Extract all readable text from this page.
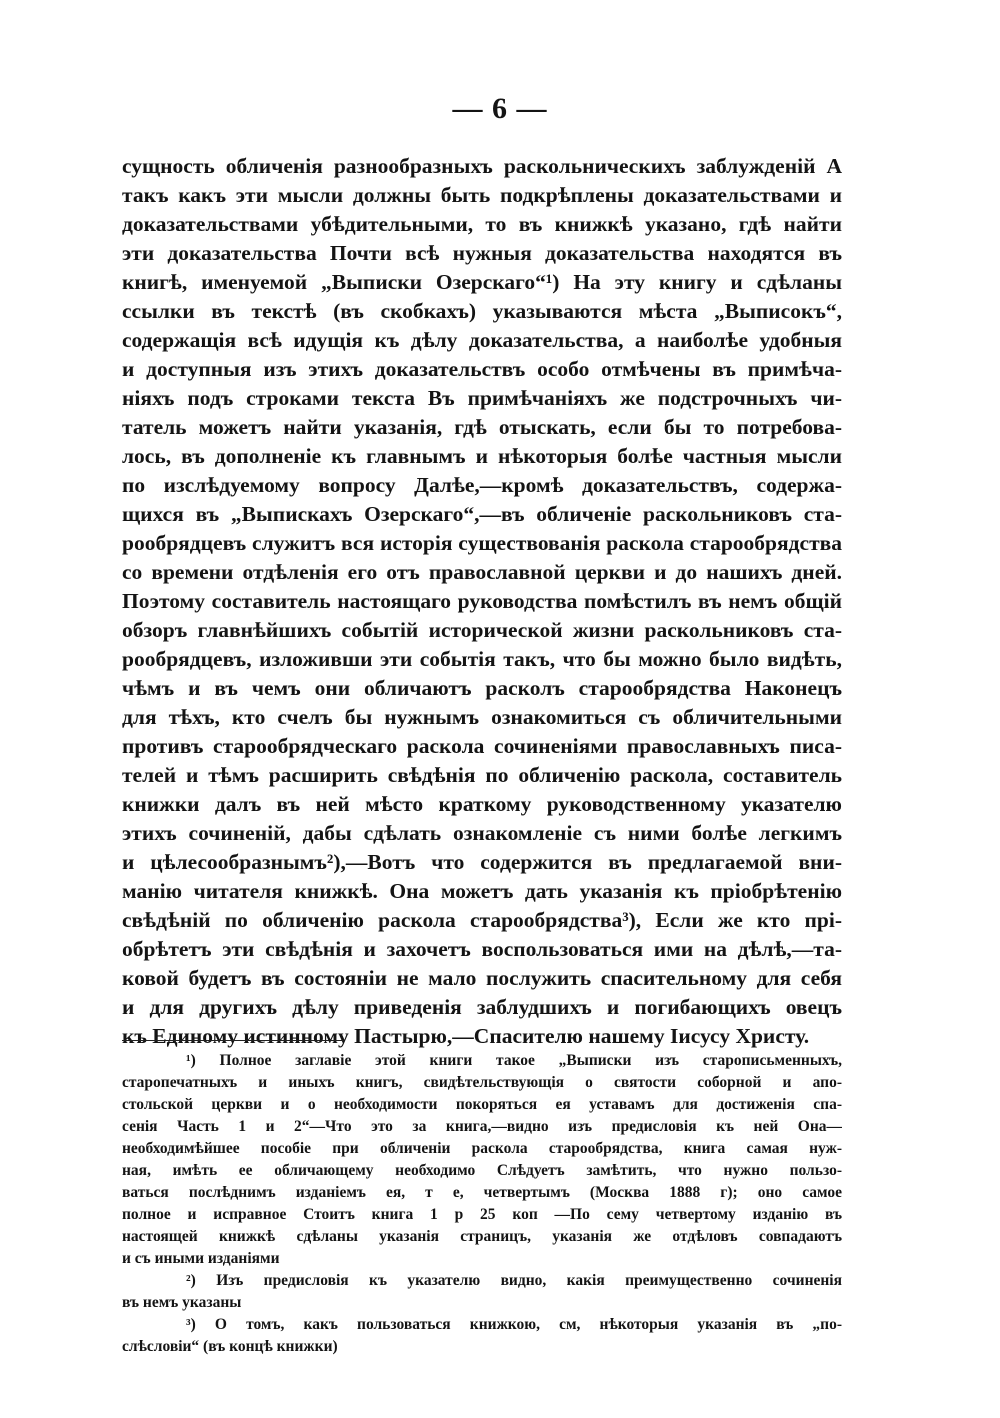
— 6 —
сущность обличенія разнообразныхъ раскольническихъ заблужденій А
такъ какъ эти мысли должны быть подкрѣплены доказательствами и
доказательствами убѣдительными, то въ книжкѣ указано, гдѣ найти
эти доказательства Почти всѣ нужныя доказательства находятся въ
книгѣ, именуемой „Выписки Озерскаго“¹) На эту книгу и сдѣланы
ссылки въ текстѣ (въ скобкахъ) указываются мѣста „Выписокъ“,
содержащія всѣ идущія къ дѣлу доказательства, а наиболѣе удобныя
и доступныя изъ этихъ доказательствъ особо отмѣчены въ примѣча-
ніяхъ подъ строками текста Въ примѣчаніяхъ же подстрочныхъ чи-
татель можетъ найти указанія, гдѣ отыскать, если бы то потребова-
лось, въ дополненіе къ главнымъ и нѣкоторыя болѣе частныя мысли
по изслѣдуемому вопросу Далѣе,—кромѣ доказательствъ, содержа-
щихся въ „Выпискахъ Озерскаго“,—въ обличеніе раскольниковъ ста-
рообрядцевъ служитъ вся исторія существованія раскола старообрядства
со времени отдѣленія его отъ православной церкви и до нашихъ дней.
Поэтому составитель настоящаго руководства помѣстилъ въ немъ общій
обзоръ главнѣйшихъ событій исторической жизни раскольниковъ ста-
рообрядцевъ, изложивши эти событія такъ, что бы можно было видѣть,
чѣмъ и въ чемъ они обличаютъ расколъ старообрядства Наконецъ
для тѣхъ, кто счелъ бы нужнымъ ознакомиться съ обличительными
противъ старообрядческаго раскола сочиненіями православныхъ писа-
телей и тѣмъ расширить свѣдѣнія по обличенію раскола, составитель
книжки далъ въ ней мѣсто краткому руководственному указателю
этихъ сочиненій, дабы сдѣлать ознакомленіе съ ними болѣе легкимъ
и цѣлесообразнымъ²),—Вотъ что содержится въ предлагаемой вни-
манію читателя книжкѣ. Она можетъ дать указанія къ пріобрѣтенію
свѣдѣній по обличенію раскола старообрядства³), Если же кто прі-
обрѣтетъ эти свѣдѣнія и захочетъ воспользоваться ими на дѣлѣ,—та-
ковой будетъ въ состояніи не мало послужить спасительному для себя
и для другихъ дѣлу приведенія заблудшихъ и погибающихъ овецъ
къ Единому истинному Пастырю,—Спасителю нашему Іисусу Христу.
¹) Полное заглавіе этой книги такое „Выписки изъ старописьменныхъ,
старопечатныхъ и иныхъ книгъ, свидѣтельствующія о святости соборной и апо-
стольской церкви и о необходимости покоряться ея уставамъ для достиженія спа-
сенія Часть 1 и 2“—Что это за книга,—видно изъ предисловія къ ней Она—
необходимѣйшее пособіе при обличеніи раскола старообрядства, книга самая нуж-
ная, имѣть ее обличающему необходимо Слѣдуетъ замѣтить, что нужно пользо-
ваться послѣднимъ изданіемъ ея, т е, четвертымъ (Москва 1888 г); оно самое
полное и исправное Стоитъ книга 1 р 25 коп —По сему четвертому изданію въ
настоящей книжкѣ сдѣланы указанія страницъ, указанія же отдѣловъ совпадаютъ
и съ иными изданіями
²) Изъ предисловія къ указателю видно, какія преимущественно сочиненія
въ немъ указаны
³) О томъ, какъ пользоваться книжкою, см, нѣкоторыя указанія въ „по-
слѣсловіи“ (въ концѣ книжки)
